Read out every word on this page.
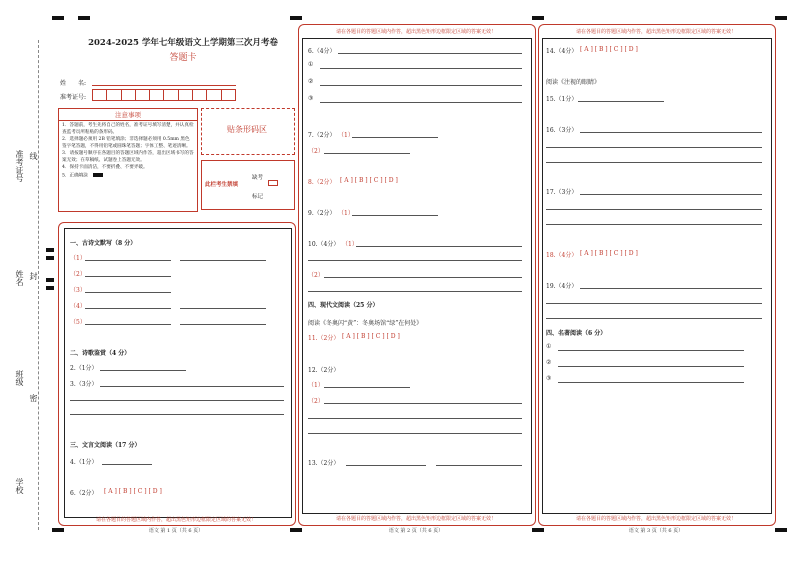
准考证号 线
姓名 封
班级
密
学校
2024-2025 学年七年级语文上学期第三次月考卷
答题卡
姓　　名:
准考证号:
注意事项
1．答题前，考生先将自己的姓名，准考证号填写清楚，并认真检查监考员所粘贴的条形码。
2．选择题必须用 2B 铅笔填涂；非选择题必须用 0.5mm 黑色签字笔答题，不得用铅笔或圆珠笔答题；字体工整、笔迹清晰。
3．请按题号顺序在各题目的答题区域内作答，超出区域书写的答案无效；在草稿纸、试题卷上答题无效。
4．保持卡面清洁，不要折叠、不要弄破。
5．正确填涂
贴条形码区
此栏考生禁填
缺考
标记
一、古诗文默写（8 分）
（1）
（2）
（3）
（4）
（5）
二、诗歌鉴赏（4 分）
2.（1分）
3.（3分）
三、文言文阅读（17 分）
4.（1分）
6.（2分） [ A ] [ B ] [ C ] [ D ]
请在各题目的答题区域内作答，超出黑色矩形边框限定区域的答案无效！
语文 第 1 页（共 6 页）
请在各题目的答题区域内作答，超出黑色矩形边框限定区域的答案无效！
6.（4分）
①
②
③
7.（2分） （1）
（2）
8.（2分） [ A ] [ B ] [ C ] [ D ]
9.（2分） （1）
10.（4分） （1）
（2）
四、现代文阅读（25 分）
阅读《冬奥闪“黄”：冬奥场馆“绿”在何处》
11.（2分） [ A ] [ B ] [ C ] [ D ]
12.（2分）
（1）
（2）
13.（2分）
请在各题目的答题区域内作答，超出黑色矩形边框限定区域的答案无效！
语文 第 2 页（共 6 页）
请在各题目的答题区域内作答，超出黑色矩形边框限定区域的答案无效！
14.（4分） [ A ] [ B ] [ C ] [ D ]
阅读《注视的眼睛》
15.（1分）
16.（3分）
17.（3分）
18.（4分） [ A ] [ B ] [ C ] [ D ]
19.（4分）
四、名著阅读（6 分）
①
②
③
请在各题目的答题区域内作答，超出黑色矩形边框限定区域的答案无效！
语文 第 3 页（共 6 页）
